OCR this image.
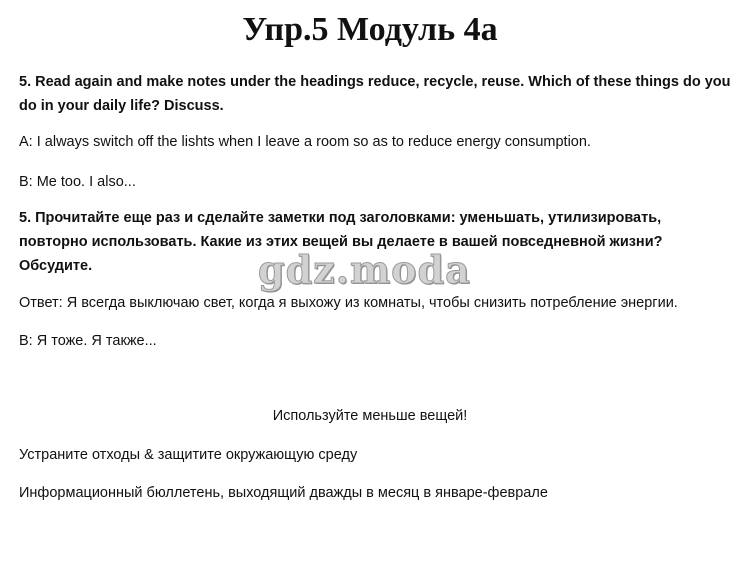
Упр.5 Модуль 4а

5. Read again and make notes under the headings reduce, recycle, reuse. Which of these things do you do in your daily life? Discuss.

A: I always switch off the lishts when I leave a room so as to reduce energy consumption.

B: Me too. I also...

5. Прочитайте еще раз и сделайте заметки под заголовками: уменьшать, утилизировать, повторно использовать. Какие из этих вещей вы делаете в вашей повседневной жизни? Обсудите.	gdz.moda

Ответ: Я всегда выключаю свет, когда я выхожу из комнаты, чтобы снизить потребление энергии.

В: Я тоже. Я также...

Используйте меньше вещей!

Устраните отходы & защитите окружающую среду

Информационный бюллетень, выходящий дважды в месяц в январе-феврале
